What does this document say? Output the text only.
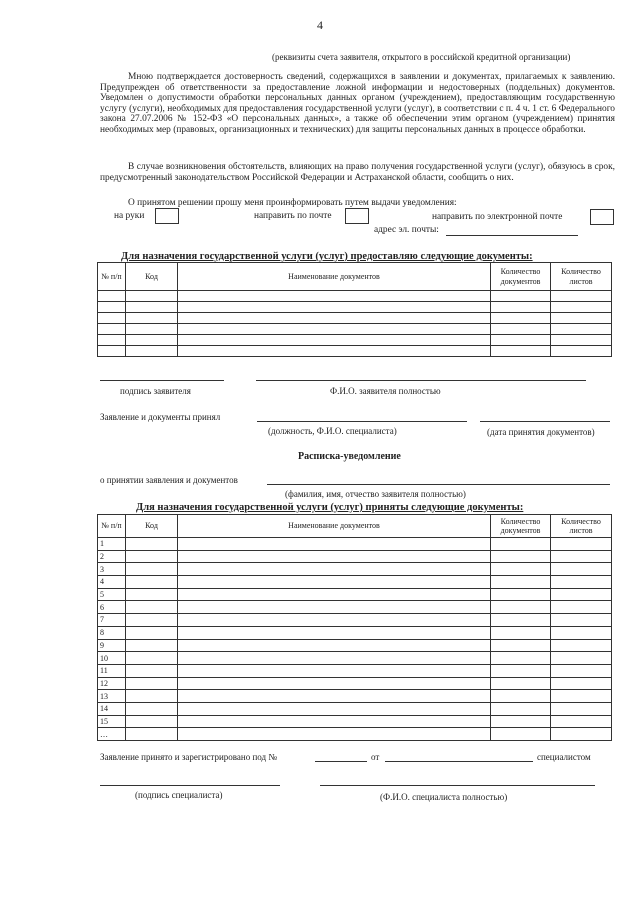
4
(реквизиты счета заявителя, открытого в российской кредитной организации)
Мною подтверждается достоверность сведений, содержащихся в заявлении и документах, прилагаемых к заявлению. Предупрежден об ответственности за предоставление ложной информации и недостоверных (поддельных) документов. Уведомлен о допустимости обработки персональных данных органом (учреждением), предоставляющим государственную услугу (услуги), необходимых для предоставления государственной услуги (услуг), в соответствии с п. 4 ч. 1 ст. 6 Федерального закона 27.07.2006 № 152-ФЗ «О персональных данных», а также об обеспечении этим органом (учреждением) принятия необходимых мер (правовых, организационных и технических) для защиты персональных данных в процессе обработки.
В случае возникновения обстоятельств, влияющих на право получения государственной услуги (услуг), обязуюсь в срок, предусмотренный законодательством Российской Федерации и Астраханской области, сообщить о них.
О принятом решении прошу меня проинформировать путем выдачи уведомления:
на руки	направить по почте	направить по электронной почте
адрес эл. почты:
Для назначения государственной услуги (услуг) предоставляю следующие документы:
№ п/п	Код	Наименование документов	Количество документов	Количество листов

подпись заявителя	Ф.И.О. заявителя полностью
Заявление и документы принял
(должность, Ф.И.О. специалиста)	(дата принятия документов)
Расписка-уведомление
о принятии заявления и документов
(фамилия, имя, отчество заявителя полностью)
Для назначения государственной услуги (услуг) приняты следующие документы:
№ п/п	Код	Наименование документов	Количество документов	Количество листов
1				
2				
3				
4				
5				
6				
7				
8				
9				
10				
11				
12				
13				
14				
15				
…				
Заявление принято и зарегистрировано под №	от	специалистом
(подпись специалиста)	(Ф.И.О. специалиста полностью)
